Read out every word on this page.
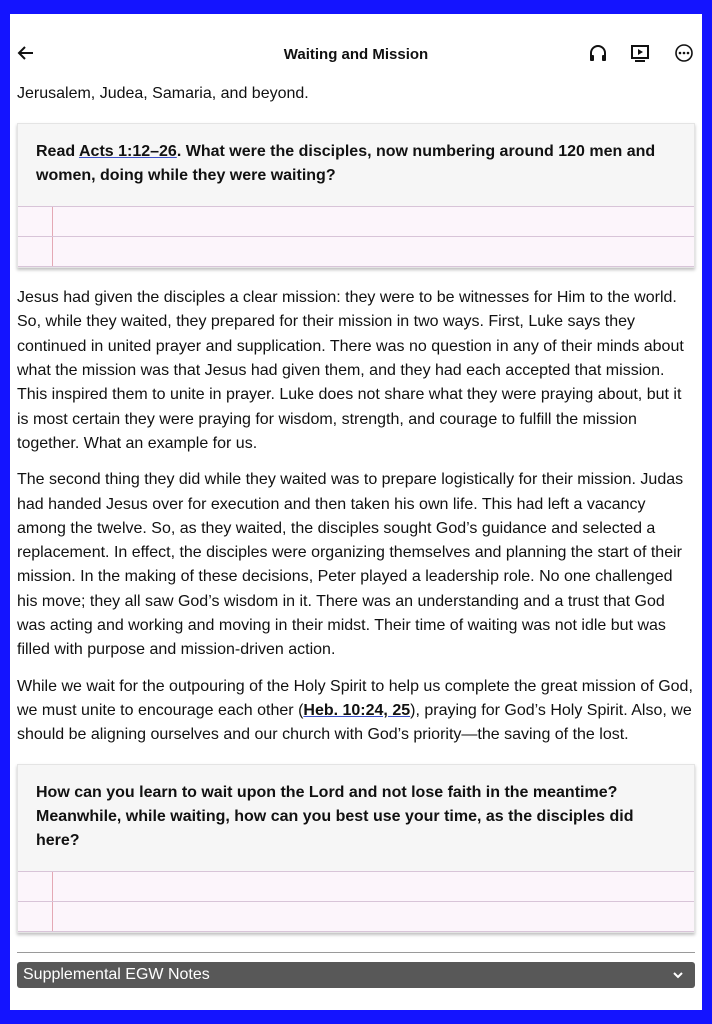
Jerusalem, Judea, Samaria, and beyond.

Read Acts 1:12–26. What were the disciples, now numbering around 120 men and women, doing while they were waiting?

Jesus had given the disciples a clear mission: they were to be witnesses for Him to the world. So, while they waited, they prepared for their mission in two ways. First, Luke says they continued in united prayer and supplication. There was no question in any of their minds about what the mission was that Jesus had given them, and they had each accepted that mission. This inspired them to unite in prayer. Luke does not share what they were praying about, but it is most certain they were praying for wisdom, strength, and courage to fulfill the mission together. What an example for us.

The second thing they did while they waited was to prepare logistically for their mission. Judas had handed Jesus over for execution and then taken his own life. This had left a vacancy among the twelve. So, as they waited, the disciples sought God’s guidance and selected a replacement. In effect, the disciples were organizing themselves and planning the start of their mission. In the making of these decisions, Peter played a leadership role. No one challenged his move; they all saw God’s wisdom in it. There was an understanding and a trust that God was acting and working and moving in their midst. Their time of waiting was not idle but was filled with purpose and mission-driven action.

While we wait for the outpouring of the Holy Spirit to help us complete the great mission of God, we must unite to encourage each other (Heb. 10:24, 25), praying for God’s Holy Spirit. Also, we should be aligning ourselves and our church with God’s priority—the saving of the lost.

How can you learn to wait upon the Lord and not lose faith in the meantime? Meanwhile, while waiting, how can you best use your time, as the disciples did here?
Waiting and Mission
Supplemental EGW Notes
